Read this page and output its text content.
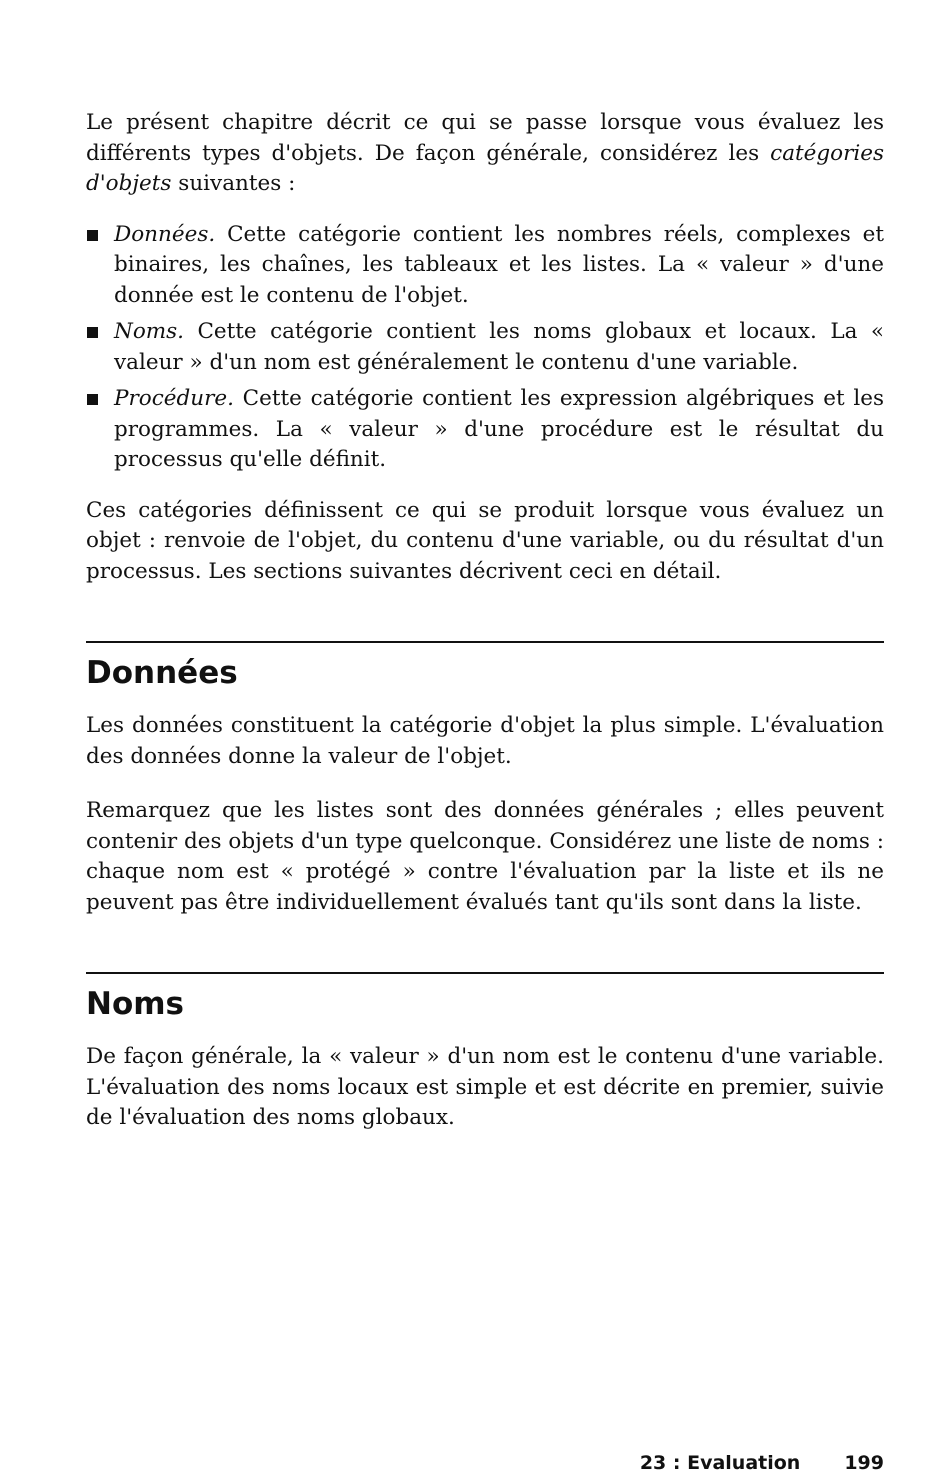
Le présent chapitre décrit ce qui se passe lorsque vous évaluez les différents types d'objets. De façon générale, considérez les catégories d'objets suivantes :

Données. Cette catégorie contient les nombres réels, complexes et binaires, les chaînes, les tableaux et les listes. La « valeur » d'une donnée est le contenu de l'objet.
Noms. Cette catégorie contient les noms globaux et locaux. La « valeur » d'un nom est généralement le contenu d'une variable.
Procédure. Cette catégorie contient les expression algébriques et les programmes. La « valeur » d'une procédure est le résultat du processus qu'elle définit.

Ces catégories définissent ce qui se produit lorsque vous évaluez un objet : renvoie de l'objet, du contenu d'une variable, ou du résultat d'un processus. Les sections suivantes décrivent ceci en détail.

Données

Les données constituent la catégorie d'objet la plus simple. L'évaluation des données donne la valeur de l'objet.

Remarquez que les listes sont des données générales ; elles peuvent contenir des objets d'un type quelconque. Considérez une liste de noms : chaque nom est « protégé » contre l'évaluation par la liste et ils ne peuvent pas être individuellement évalués tant qu'ils sont dans la liste.

Noms

De façon générale, la « valeur » d'un nom est le contenu d'une variable. L'évaluation des noms locaux est simple et est décrite en premier, suivie de l'évaluation des noms globaux.

23 : Evaluation 199
